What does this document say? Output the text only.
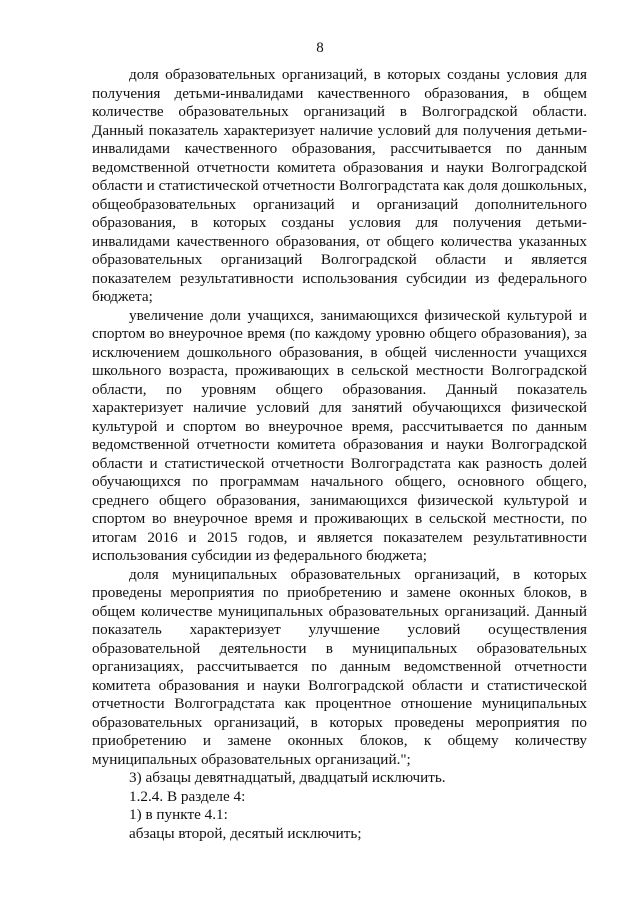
8

доля образовательных организаций, в которых созданы условия для получения детьми-инвалидами качественного образования, в общем количестве образовательных организаций в Волгоградской области. Данный показатель характеризует наличие условий для получения детьми-инвалидами качественного образования, рассчитывается по данным ведомственной отчетности комитета образования и науки Волгоградской области и статистической отчетности Волгоградстата как доля дошкольных, общеобразовательных организаций и организаций дополнительного образования, в которых созданы условия для получения детьми-инвалидами качественного образования, от общего количества указанных образовательных организаций Волгоградской области и является показателем результативности использования субсидии из федерального бюджета;

увеличение доли учащихся, занимающихся физической культурой и спортом во внеурочное время (по каждому уровню общего образования), за исключением дошкольного образования, в общей численности учащихся школьного возраста, проживающих в сельской местности Волгоградской области, по уровням общего образования. Данный показатель характеризует наличие условий для занятий обучающихся физической культурой и спортом во внеурочное время, рассчитывается по данным ведомственной отчетности комитета образования и науки Волгоградской области и статистической отчетности Волгоградстата как разность долей обучающихся по программам начального общего, основного общего, среднего общего образования, занимающихся физической культурой и спортом во внеурочное время и проживающих в сельской местности, по итогам 2016 и 2015 годов, и является показателем результативности использования субсидии из федерального бюджета;

доля муниципальных образовательных организаций, в которых проведены мероприятия по приобретению и замене оконных блоков, в общем количестве муниципальных образовательных организаций. Данный показатель характеризует улучшение условий осуществления образовательной деятельности в муниципальных образовательных организациях, рассчитывается по данным ведомственной отчетности комитета образования и науки Волгоградской области и статистической отчетности Волгоградстата как процентное отношение муниципальных образовательных организаций, в которых проведены мероприятия по приобретению и замене оконных блоков, к общему количеству муниципальных образовательных организаций.";

3) абзацы девятнадцатый, двадцатый исключить.

1.2.4. В разделе 4:

1) в пункте 4.1:

абзацы второй, десятый исключить;
